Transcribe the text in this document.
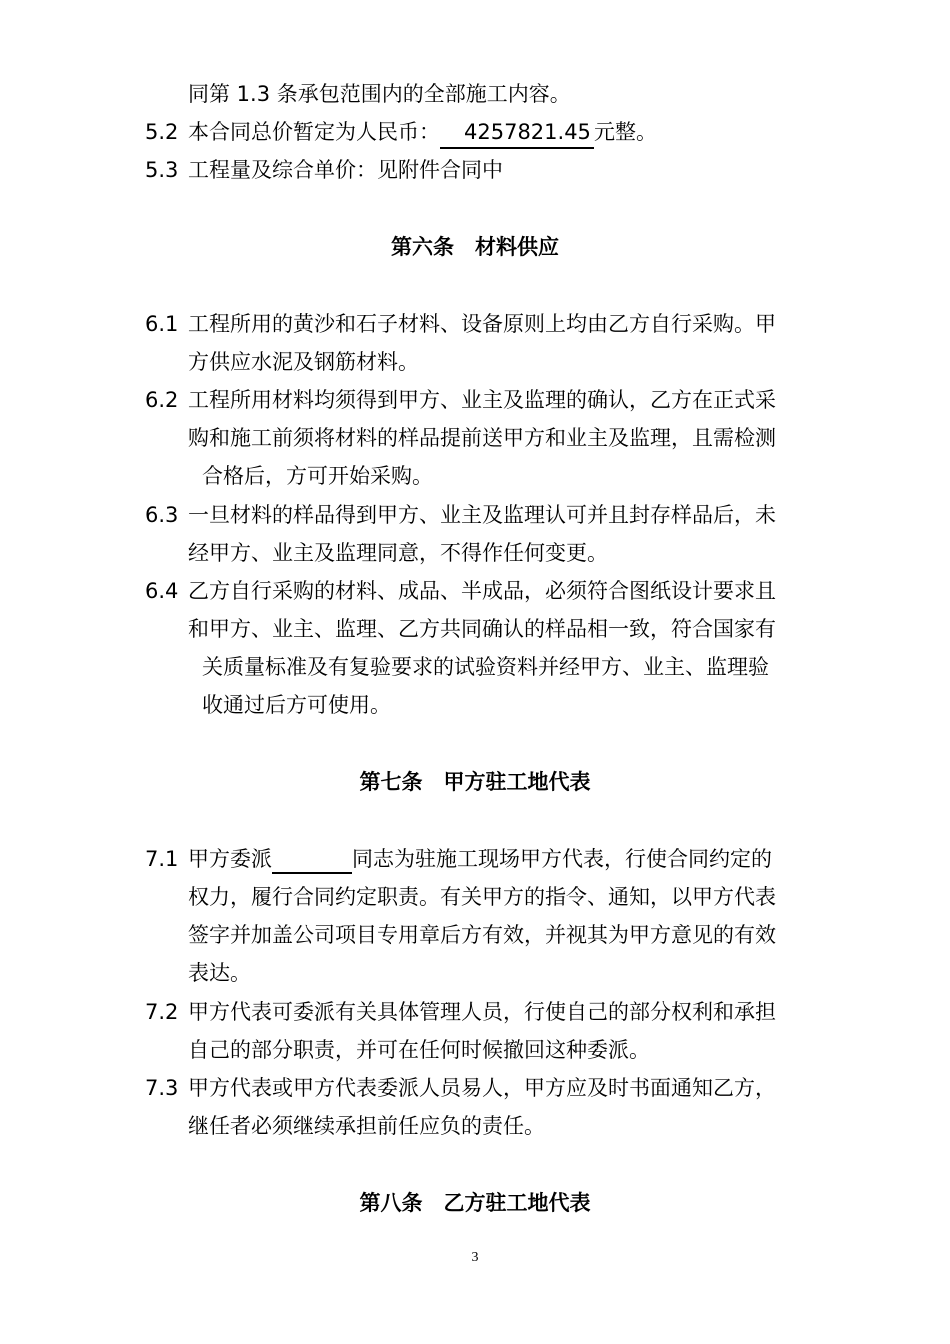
同第 1.3 条承包范围内的全部施工内容。
5.2 本合同总价暂定为人民币： 4257821.45 元整。
5.3 工程量及综合单价：见附件合同中
第六条　材料供应
6.1 工程所用的黄沙和石子材料、设备原则上均由乙方自行采购。甲
方供应水泥及钢筋材料。
6.2 工程所用材料均须得到甲方、业主及监理的确认，乙方在正式采
购和施工前须将材料的样品提前送甲方和业主及监理，且需检测
合格后，方可开始采购。
6.3 一旦材料的样品得到甲方、业主及监理认可并且封存样品后，未
经甲方、业主及监理同意，不得作任何变更。
6.4 乙方自行采购的材料、成品、半成品，必须符合图纸设计要求且
和甲方、业主、监理、乙方共同确认的样品相一致，符合国家有
关质量标准及有复验要求的试验资料并经甲方、业主、监理验
收通过后方可使用。
第七条　甲方驻工地代表
7.1 甲方委派	同志为驻施工现场甲方代表，行使合同约定的
权力，履行合同约定职责。有关甲方的指令、通知，以甲方代表
签字并加盖公司项目专用章后方有效，并视其为甲方意见的有效
表达。
7.2 甲方代表可委派有关具体管理人员，行使自己的部分权利和承担
自己的部分职责，并可在任何时候撤回这种委派。
7.3 甲方代表或甲方代表委派人员易人，甲方应及时书面通知乙方，
继任者必须继续承担前任应负的责任。
第八条　乙方驻工地代表
3
